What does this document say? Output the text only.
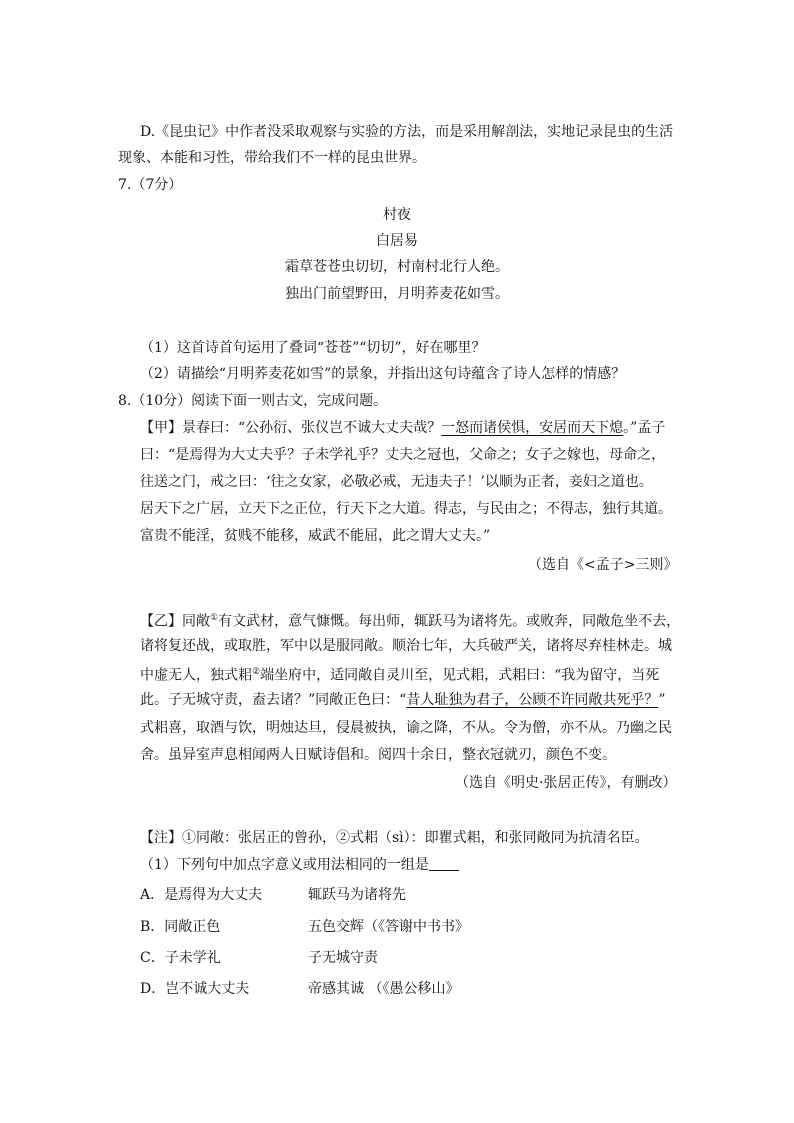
D.《昆虫记》中作者没采取观察与实验的方法，而是采用解剖法，实地记录昆虫的生活
现象、本能和习性，带给我们不一样的昆虫世界。
7.（7分）
村夜
白居易
霜草苍苍虫切切，村南村北行人绝。
独出门前望野田，月明荞麦花如雪。
（1）这首诗首句运用了叠词“苍苍”“切切”，好在哪里？
（2）请描绘“月明荞麦花如雪”的景象，并指出这句诗蕴含了诗人怎样的情感？
8.（10分）阅读下面一则古文，完成问题。
【甲】景春曰：“公孙衍、张仪岂不诚大丈夫哉？一怒而诸侯惧，安居而天下熄。”孟子
曰：“是焉得为大丈夫乎？子未学礼乎？丈夫之冠也，父命之；女子之嫁也，母命之，
往送之门，戒之曰：‘往之女家，必敬必戒，无违夫子！’以顺为正者，妾妇之道也。
居天下之广居，立天下之正位，行天下之大道。得志，与民由之；不得志，独行其道。
富贵不能淫，贫贱不能移，威武不能屈，此之谓大丈夫。”
（选自《<孟子>三则》
【乙】同敞①有文武材，意气慷慨。每出师，辄跃马为诸将先。或败奔，同敞危坐不去，
诸将复还战，或取胜，军中以是服同敞。顺治七年，大兵破严关，诸将尽弃桂林走。城
中虚无人，独式耜②端坐府中，适同敞自灵川至，见式耜，式耜曰：“我为留守，当死
此。子无城守责，盍去诸？”同敞正色曰：“昔人耻独为君子，公顾不许同敞共死乎？”
式耜喜，取酒与饮，明烛达旦，侵晨被执，谕之降，不从。令为僧，亦不从。乃幽之民
舍。虽异室声息相闻两人日赋诗倡和。阅四十余日，整衣冠就刃，颜色不变。
（选自《明史·张居正传》，有删改）
【注】①同敞：张居正的曾孙，②式耜（sì）：即瞿式耜，和张同敞同为抗清名臣。
（1）下列句中加点字意义或用法相同的一组是
A．是焉得为大丈夫	辄跃马为诸将先
B．同敞正色	五色交辉（《答谢中书书》
C．子未学礼	子无城守责
D．岂不诚大丈夫	帝感其诚 （《愚公移山》
